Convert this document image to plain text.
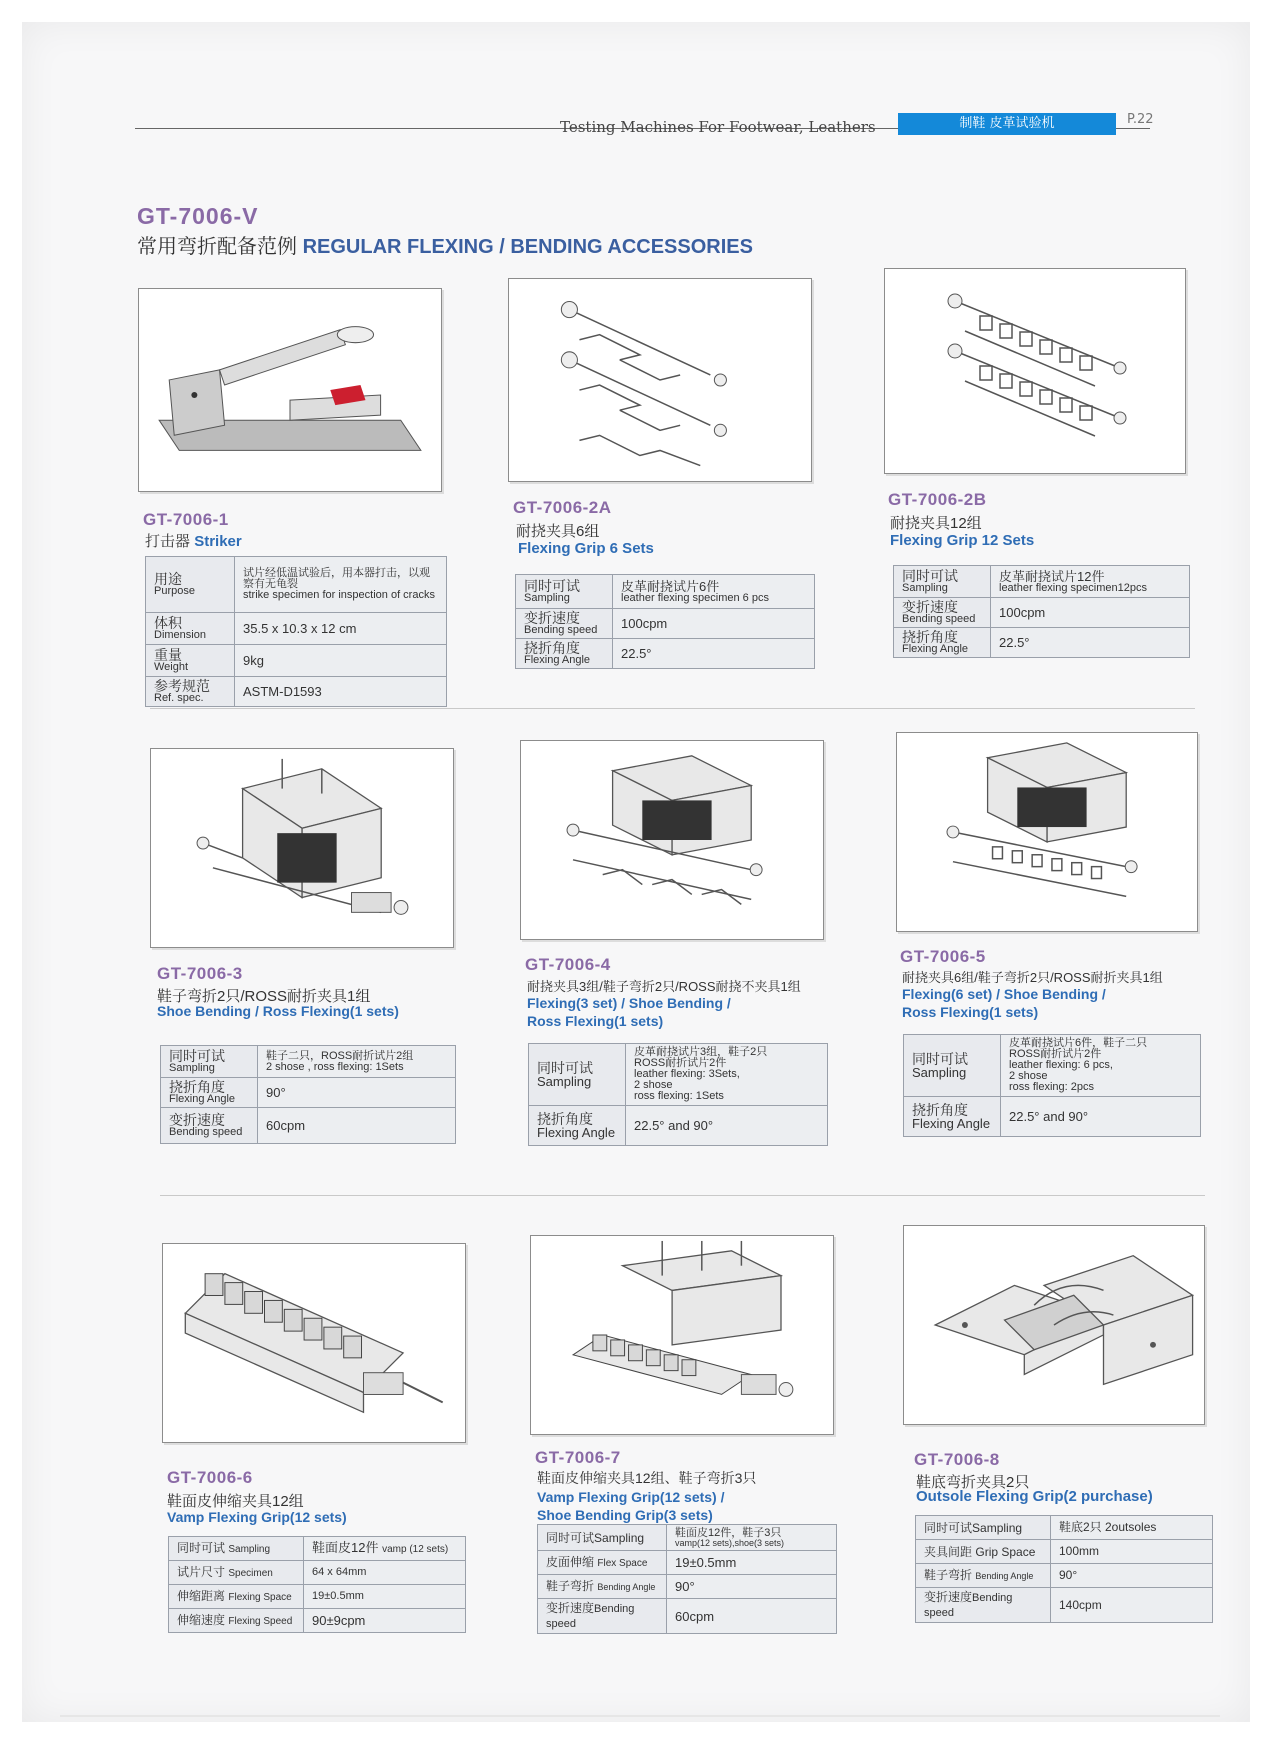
Testing Machines For Footwear, Leathers	制鞋 皮革试验机	P.22
GT-7006-V
常用弯折配备范例 REGULAR FLEXING / BENDING ACCESSORIES
GT-7006-1
打击器 Striker
用途
Purpose	试片经低温试验后，用本器打击，以观察有无龟裂
strike specimen for inspection of cracks

体积
Dimension	35.5 x 10.3 x 12 cm
重量
Weight	9kg
参考规范
Ref. spec.	ASTM-D1593
GT-7006-2A
耐挠夹具6组
Flexing Grip 6 Sets
同时可试
Sampling	皮革耐挠试片6件
leather flexing specimen 6 pcs

变折速度
Bending speed	100cpm
挠折角度
Flexing Angle	22.5°
GT-7006-2B
耐挠夹具12组
Flexing Grip 12 Sets
同时可试
Sampling	皮革耐挠试片12件
leather flexing specimen12pcs

变折速度
Bending speed	100cpm
挠折角度
Flexing Angle	22.5°
GT-7006-3
鞋子弯折2只/ROSS耐折夹具1组
Shoe Bending / Ross Flexing(1 sets)
同时可试
Sampling	鞋子二只，ROSS耐折试片2组
2 shose , ross flexing: 1Sets

挠折角度
Flexing Angle	90°
变折速度
Bending speed	60cpm
GT-7006-4
耐挠夹具3组/鞋子弯折2只/ROSS耐挠不夹具1组
Flexing(3 set) / Shoe Bending /
Ross Flexing(1 sets)
同时可试
Sampling	皮革耐挠试片3组，鞋子2只
ROSS耐折试片2件
leather flexing: 3Sets,
2 shose
ross flexing: 1Sets

挠折角度
Flexing Angle	22.5° and 90°
GT-7006-5
耐挠夹具6组/鞋子弯折2只/ROSS耐折夹具1组
Flexing(6 set) / Shoe Bending /
Ross Flexing(1 sets)
同时可试
Sampling	皮革耐挠试片6件，鞋子二只
ROSS耐折试片2件
leather flexing: 6 pcs,
2 shose
ross flexing: 2pcs

挠折角度
Flexing Angle	22.5° and 90°
GT-7006-6
鞋面皮伸缩夹具12组
Vamp Flexing Grip(12 sets)
同时可试 Sampling	鞋面皮12件 vamp (12 sets)
试片尺寸 Specimen	64 x 64mm
伸缩距离 Flexing Space	19±0.5mm
伸缩速度 Flexing Speed	90±9cpm
GT-7006-7
鞋面皮伸缩夹具12组、鞋子弯折3只
Vamp Flexing Grip(12 sets) /
Shoe Bending Grip(3 sets)
同时可试Sampling	鞋面皮12件，鞋子3只
vamp(12 sets),shoe(3 sets)

皮面伸缩 Flex Space	19±0.5mm
鞋子弯折 Bending Angle	90°
变折速度Bending speed	60cpm
GT-7006-8
鞋底弯折夹具2只
Outsole Flexing Grip(2 purchase)
同时可试Sampling	鞋底2只 2outsoles
夹具间距 Grip Space	100mm
鞋子弯折 Bending Angle	90°
变折速度Bending speed	140cpm
